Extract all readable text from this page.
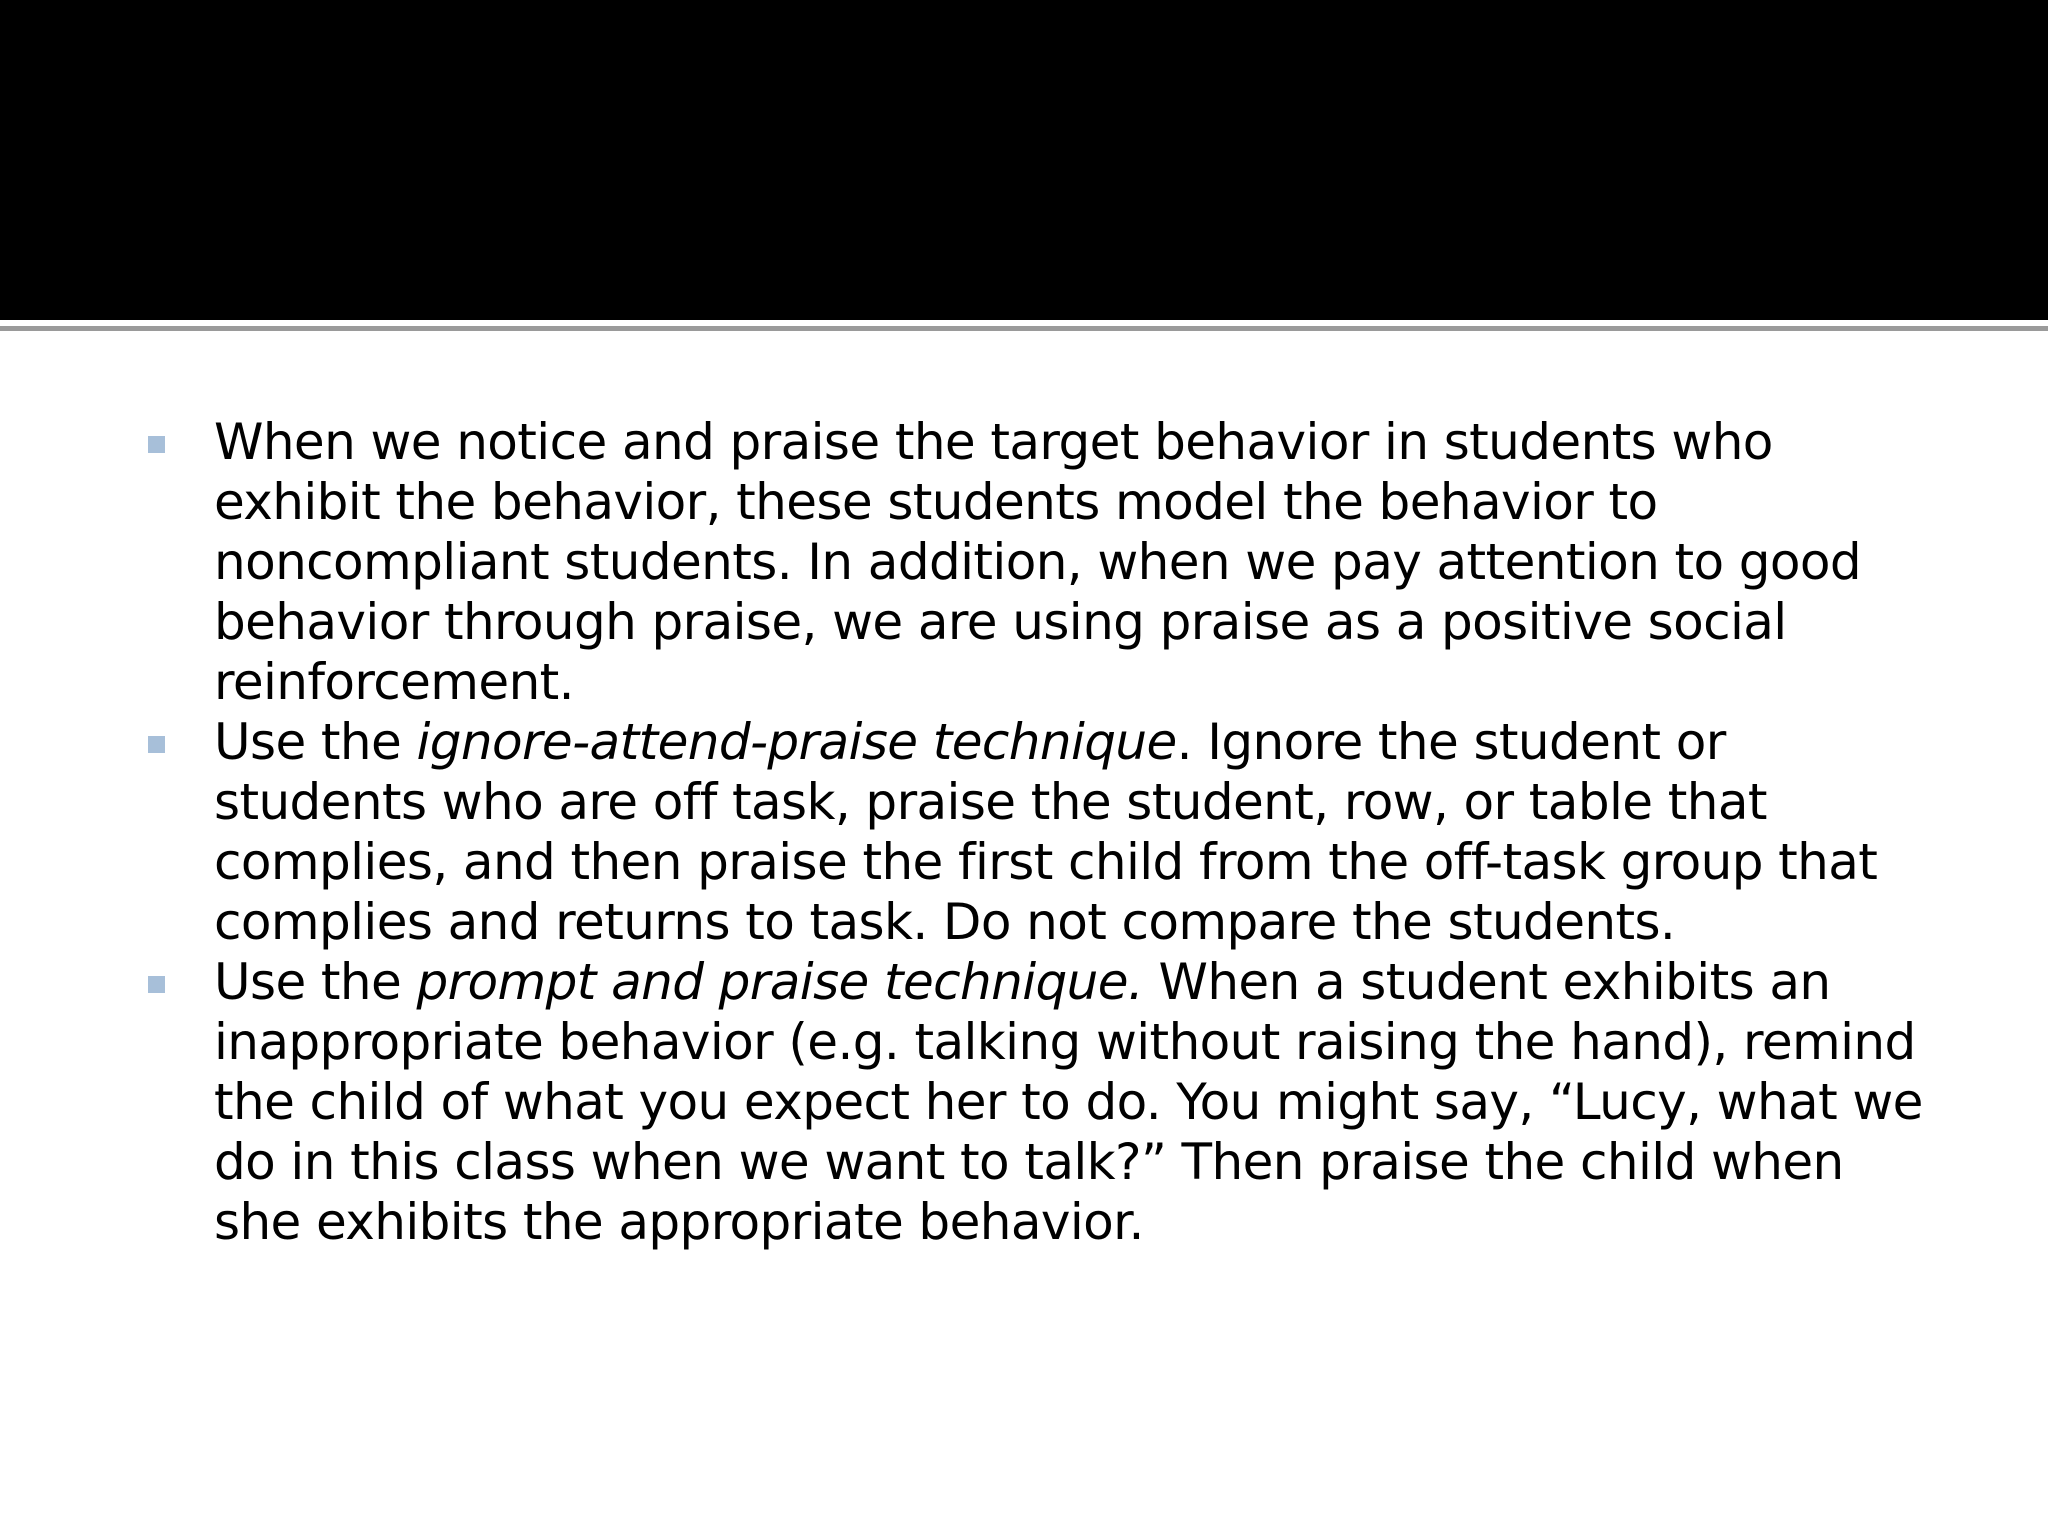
When we notice and praise the target behavior in students who exhibit the behavior, these students model the behavior to noncompliant students. In addition, when we pay attention to good behavior through praise, we are using praise as a positive social reinforcement.
Use the ignore-attend-praise technique. Ignore the student or students who are off task, praise the student, row, or table that complies, and then praise the first child from the off-task group that complies and returns to task. Do not compare the students.
Use the prompt and praise technique. When a student exhibits an inappropriate behavior (e.g. talking without raising the hand), remind the child of what you expect her to do. You might say, “Lucy, what we do in this class when we want to talk?” Then praise the child when she exhibits the appropriate behavior.
